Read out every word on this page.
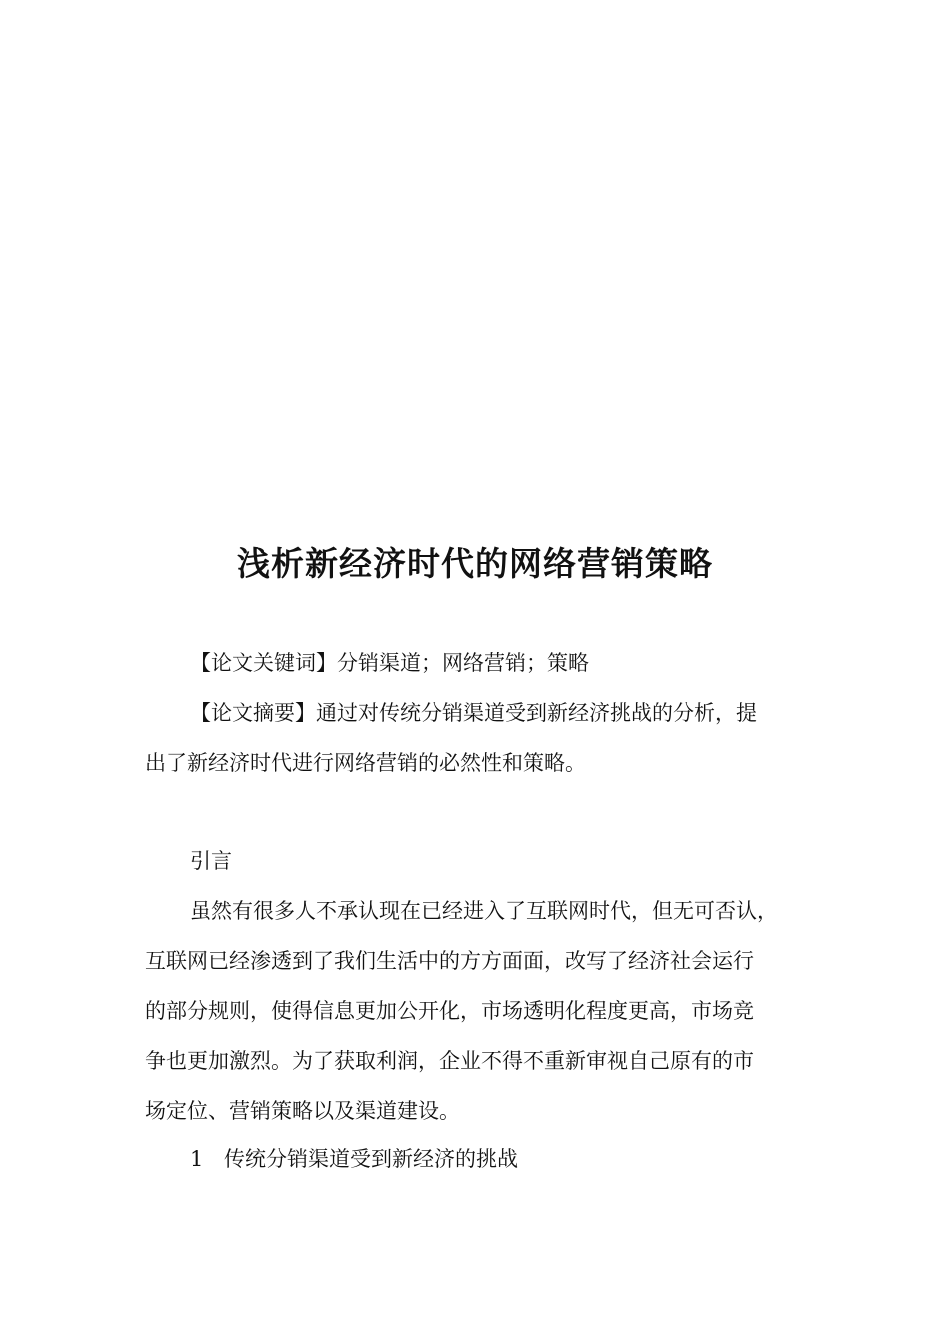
浅析新经济时代的网络营销策略

【论文关键词】分销渠道；网络营销；策略

【论文摘要】通过对传统分销渠道受到新经济挑战的分析，提

出了新经济时代进行网络营销的必然性和策略。

引言

虽然有很多人不承认现在已经进入了互联网时代，但无可否认，

互联网已经渗透到了我们生活中的方方面面，改写了经济社会运行

的部分规则，使得信息更加公开化，市场透明化程度更高，市场竞

争也更加激烈。为了获取利润，企业不得不重新审视自己原有的市

场定位、营销策略以及渠道建设。

1 传统分销渠道受到新经济的挑战
